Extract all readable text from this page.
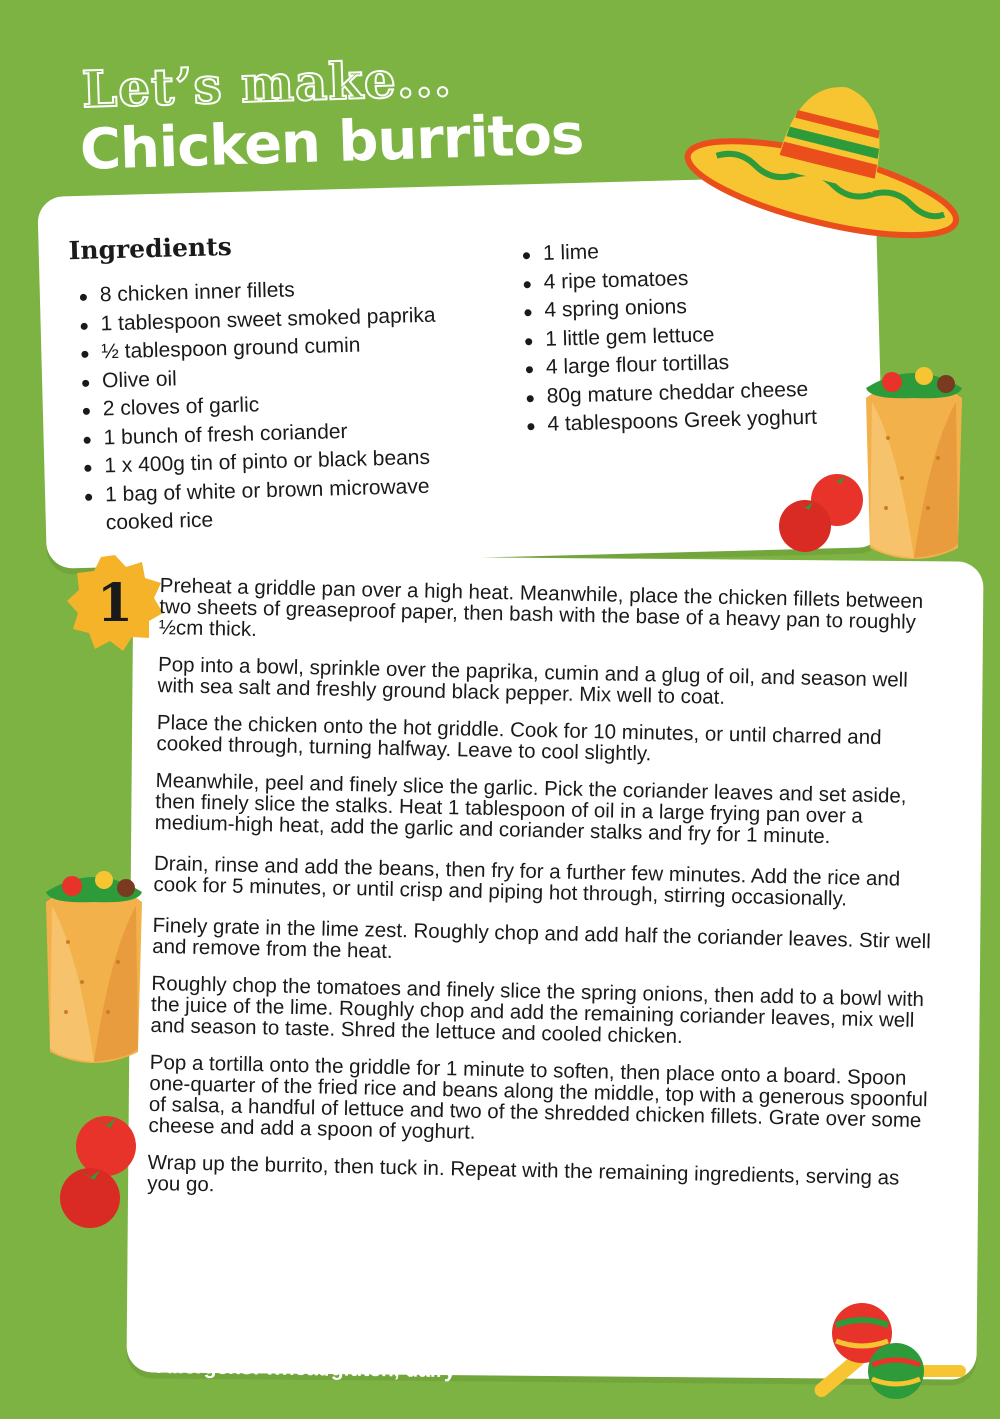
Let’s make...
Chicken burritos
Ingredients
8 chicken inner fillets
1 tablespoon sweet smoked paprika
½ tablespoon ground cumin
Olive oil
2 cloves of garlic
1 bunch of fresh coriander
1 x 400g tin of pinto or black beans
1 bag of white or brown microwave cooked rice
1 lime
4 ripe tomatoes
4 spring onions
1 little gem lettuce
4 large flour tortillas
80g mature cheddar cheese
4 tablespoons Greek yoghurt
1	Preheat a griddle pan over a high heat. Meanwhile, place the chicken fillets between two sheets of greaseproof paper, then bash with the base of a heavy pan to roughly ½cm thick.

Pop into a bowl, sprinkle over the paprika, cumin and a glug of oil, and season well with sea salt and freshly ground black pepper. Mix well to coat.

Place the chicken onto the hot griddle. Cook for 10 minutes, or until charred and cooked through, turning halfway. Leave to cool slightly.

Meanwhile, peel and finely slice the garlic. Pick the coriander leaves and set aside, then finely slice the stalks. Heat 1 tablespoon of oil in a large frying pan over a medium-high heat, add the garlic and coriander stalks and fry for 1 minute.

Drain, rinse and add the beans, then fry for a further few minutes. Add the rice and cook for 5 minutes, or until crisp and piping hot through, stirring occasionally.

Finely grate in the lime zest. Roughly chop and add half the coriander leaves. Stir well and remove from the heat.

Roughly chop the tomatoes and finely slice the spring onions, then add to a bowl with the juice of the lime. Roughly chop and add the remaining coriander leaves, mix well and season to taste. Shred the lettuce and cooled chicken.

Pop a tortilla onto the griddle for 1 minute to soften, then place onto a board. Spoon one-quarter of the fried rice and beans along the middle, top with a generous spoonful of salsa, a handful of lettuce and two of the shredded chicken fillets. Grate over some cheese and add a spoon of yoghurt.

Wrap up the burrito, then tuck in. Repeat with the remaining ingredients, serving as you go.

Allergens: wheat/gluten, dairy
